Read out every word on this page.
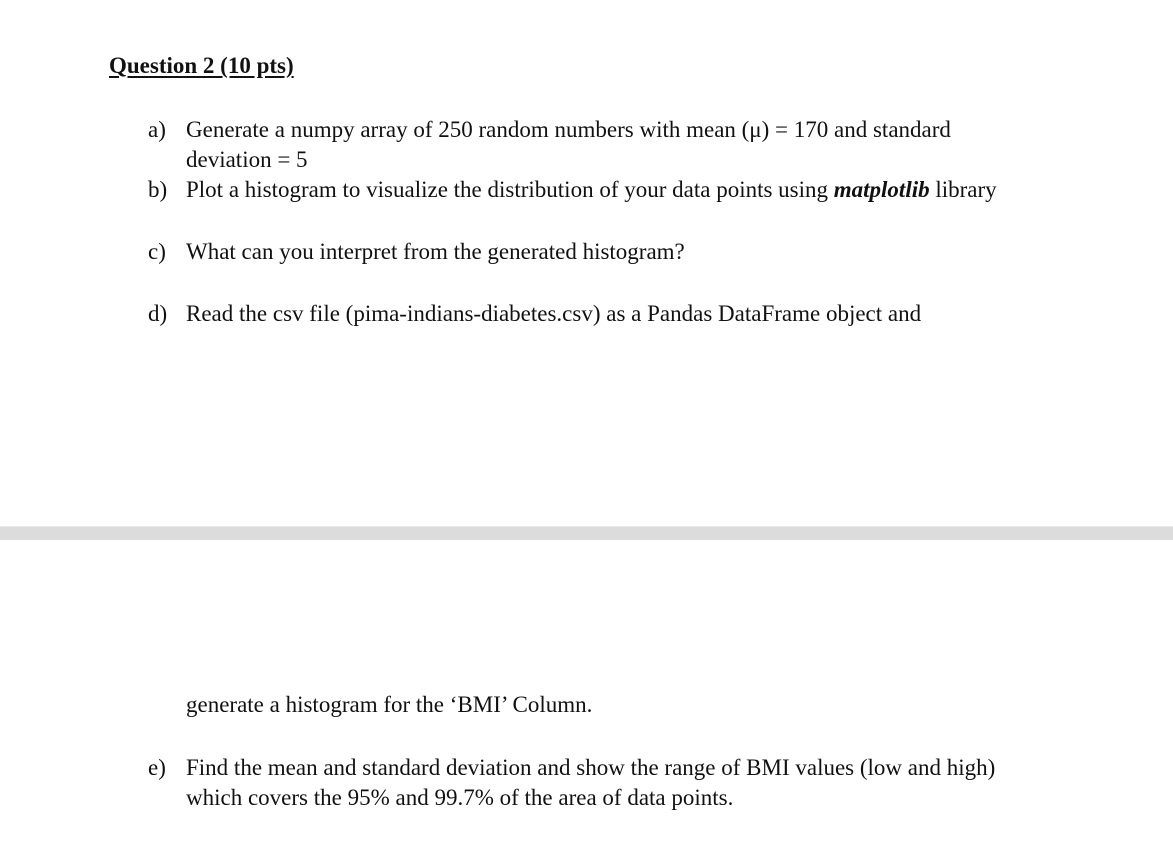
Question 2 (10 pts)
a) Generate a numpy array of 250 random numbers with mean (μ) = 170 and standard
deviation = 5
b) Plot a histogram to visualize the distribution of your data points using matplotlib library
c) What can you interpret from the generated histogram?
d) Read the csv file (pima-indians-diabetes.csv) as a Pandas DataFrame object and
generate a histogram for the ‘BMI’ Column.
e) Find the mean and standard deviation and show the range of BMI values (low and high)
which covers the 95% and 99.7% of the area of data points.
